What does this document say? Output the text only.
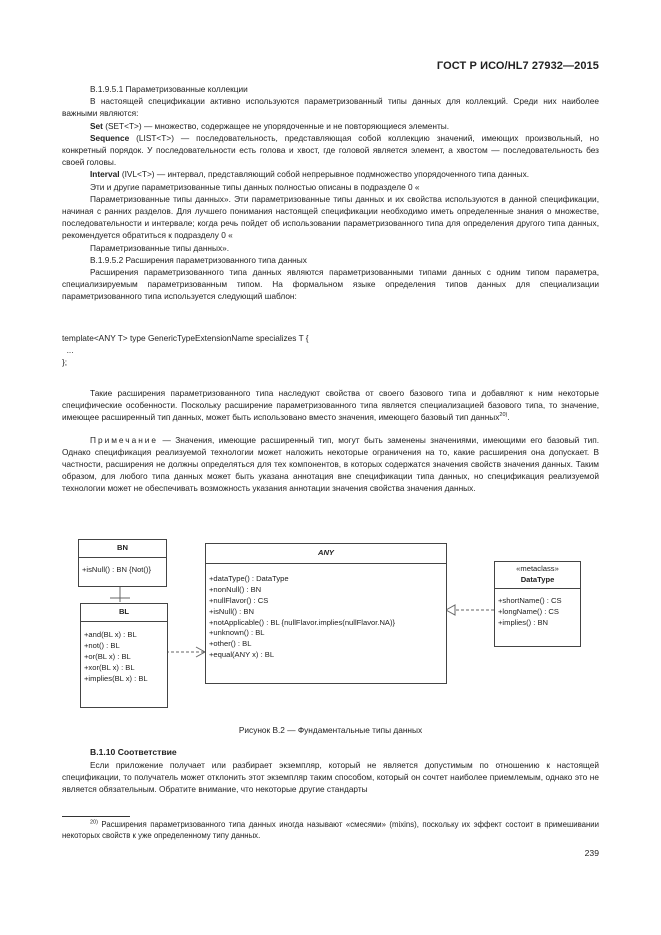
ГОСТ Р ИСО/HL7 27932—2015

B.1.9.5.1 Параметризованные коллекции

В настоящей спецификации активно используются параметризованный типы данных для коллекций. Среди них наиболее важными являются:

Set (SET<T>) — множество, содержащее не упорядоченные и не повторяющиеся элементы.

Sequence (LIST<T>) — последовательность, представляющая собой коллекцию значений, имеющих произвольный, но конкретный порядок. У последовательности есть голова и хвост, где головой является элемент, а хвостом — последовательность без своей головы.

Interval (IVL<T>) — интервал, представляющий собой непрерывное подмножество упорядоченного типа данных.

Эти и другие параметризованные типы данных полностью описаны в подразделе 0 «

Параметризованные типы данных». Эти параметризованные типы данных и их свойства используются в данной спецификации, начиная с ранних разделов. Для лучшего понимания настоящей спецификации необходимо иметь определенные знания о множестве, последовательности и интервале; когда речь пойдет об использовании параметризованного типа для определения другого типа данных, рекомендуется обратиться к подразделу 0 «

Параметризованные типы данных».

B.1.9.5.2 Расширения параметризованного типа данных

Расширения параметризованного типа данных являются параметризованными типами данных с одним типом параметра, специализируемым параметризованным типом. На формальном языке определения типов данных для специализации параметризованного типа используется следующий шаблон:

template<ANY T> type GenericTypeExtensionName specializes T {

...

};

Такие расширения параметризованного типа наследуют свойства от своего базового типа и добавляют к ним некоторые специфические особенности. Поскольку расширение параметризованного типа является специализацией базового типа, то значение, имеющее расширенный тип данных, может быть использовано вместо значения, имеющего базовый тип данных$^{20)}$.

Примечание — Значения, имеющие расширенный тип, могут быть заменены значениями, имеющими его базовый тип. Однако спецификация реализуемой технологии может наложить некоторые ограничения на то, какие расширения она допускает. В частности, расширения не должны определяться для тех компонентов, в которых содержатся значения свойств значения данных. Таким образом, для любого типа данных может быть указана аннотация вне спецификации типа данных, но спецификация реализуемой технологии может не обеспечивать возможность указания аннотации значения свойства значения данных.

BN
+isNull() : BN {Not()}
BL
+and(BL x) : BL
+not() : BL
+or(BL x) : BL
+xor(BL x) : BL
+implies(BL x) : BL
ANY
+dataType() : DataType
+nonNull() : BN
+nullFlavor() : CS
+isNull() : BN
+notApplicable() : BL {nullFlavor.implies(nullFlavor.NA)}
+unknown() : BL
+other() : BL
+equal(ANY x) : BL
«metaclass»
DataType
+shortName() : CS
+longName() : CS
+implies() : BN
Рисунок B.2 — Фундаментальные типы данных
B.1.10 Соответствие

Если приложение получает или разбирает экземпляр, который не является допустимым по отношению к настоящей спецификации, то получатель может отклонить этот экземпляр таким способом, который он сочтет наиболее приемлемым, однако это не является обязательным. Обратите внимание, что некоторые другие стандарты

$^{20)}$ Расширения параметризованного типа данных иногда называют «смесями» (mixins), поскольку их эффект состоит в примешивании некоторых свойств к уже определенному типу данных.

239
